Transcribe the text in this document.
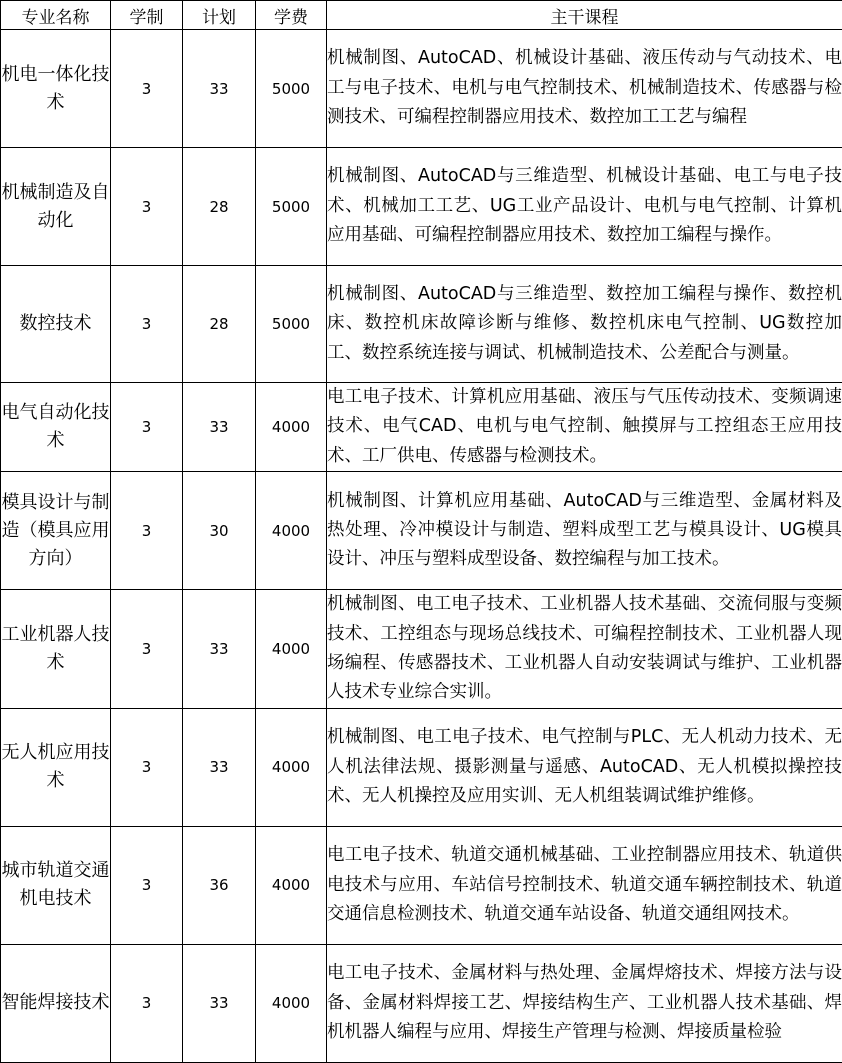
专业名称	学制	计划	学费	主干课程
机电一体化技术	3	33	5000	机械制图、AutoCAD、机械设计基础、液压传动与气动技术、电工与电子技术、电机与电气控制技术、机械制造技术、传感器与检测技术、可编程控制器应用技术、数控加工工艺与编程

机械制造及自动化	3	28	5000	机械制图、AutoCAD与三维造型、机械设计基础、电工与电子技术、机械加工工艺、UG工业产品设计、电机与电气控制、计算机应用基础、可编程控制器应用技术、数控加工编程与操作。

数控技术	3	28	5000	机械制图、AutoCAD与三维造型、数控加工编程与操作、数控机床、数控机床故障诊断与维修、数控机床电气控制、UG数控加工、数控系统连接与调试、机械制造技术、公差配合与测量。

电气自动化技术	3	33	4000	电工电子技术、计算机应用基础、液压与气压传动技术、变频调速技术、电气CAD、电机与电气控制、触摸屏与工控组态王应用技术、工厂供电、传感器与检测技术。

模具设计与制造（模具应用方向）	3	30	4000	机械制图、计算机应用基础、AutoCAD与三维造型、金属材料及热处理、冷冲模设计与制造、塑料成型工艺与模具设计、UG模具设计、冲压与塑料成型设备、数控编程与加工技术。

工业机器人技术	3	33	4000	机械制图、电工电子技术、工业机器人技术基础、交流伺服与变频技术、工控组态与现场总线技术、可编程控制技术、工业机器人现场编程、传感器技术、工业机器人自动安装调试与维护、工业机器人技术专业综合实训。

无人机应用技术	3	33	4000	机械制图、电工电子技术、电气控制与PLC、无人机动力技术、无人机法律法规、摄影测量与遥感、AutoCAD、无人机模拟操控技术、无人机操控及应用实训、无人机组装调试维护维修。

城市轨道交通机电技术	3	36	4000	电工电子技术、轨道交通机械基础、工业控制器应用技术、轨道供电技术与应用、车站信号控制技术、轨道交通车辆控制技术、轨道交通信息检测技术、轨道交通车站设备、轨道交通组网技术。

智能焊接技术	3	33	4000	电工电子技术、金属材料与热处理、金属焊熔技术、焊接方法与设备、金属材料焊接工艺、焊接结构生产、工业机器人技术基础、焊机机器人编程与应用、焊接生产管理与检测、焊接质量检验
